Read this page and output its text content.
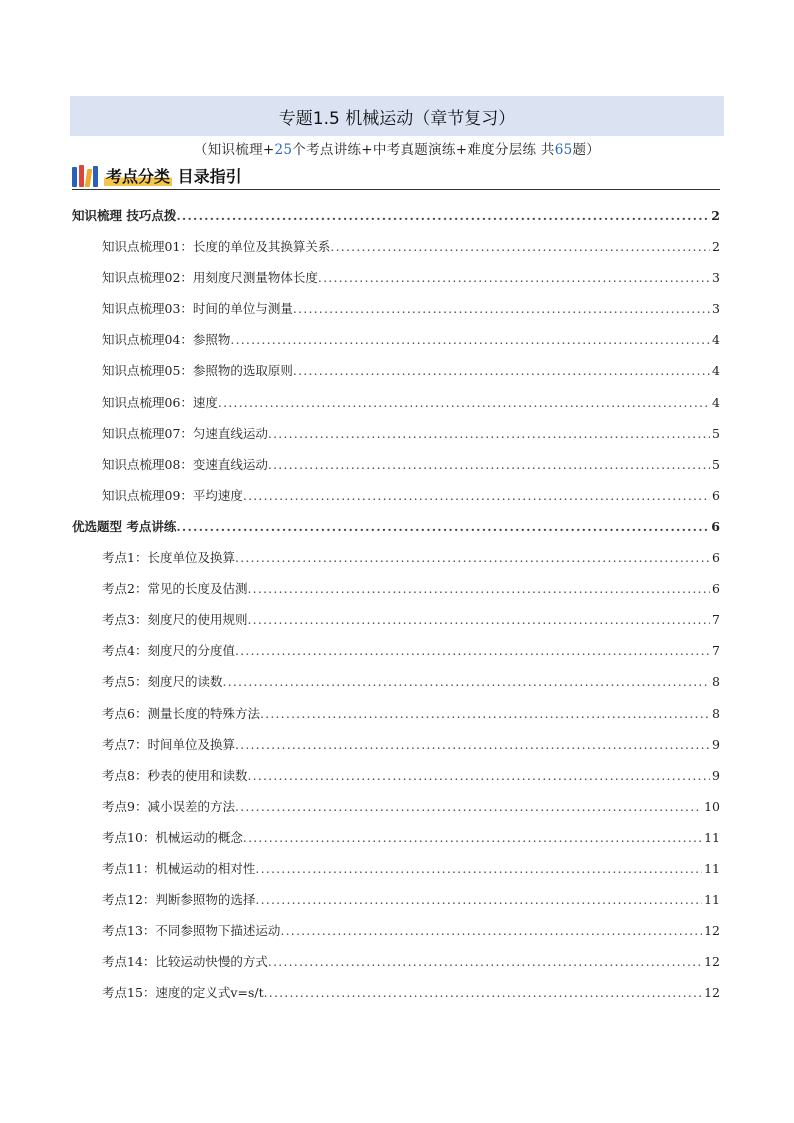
专题1.5 机械运动（章节复习）
（知识梳理+25个考点讲练+中考真题演练+难度分层练 共65题）
考点分类 目录指引
知识梳理 技巧点拨 .....	2
知识点梳理01：长度的单位及其换算关系 .....	2
知识点梳理02：用刻度尺测量物体长度 .....	3
知识点梳理03：时间的单位与测量 .....	3
知识点梳理04：参照物 .....	4
知识点梳理05：参照物的选取原则 .....	4
知识点梳理06：速度 .....	4
知识点梳理07：匀速直线运动 .....	5
知识点梳理08：变速直线运动 .....	5
知识点梳理09：平均速度 .....	6
优选题型 考点讲练 .....	6
考点1：长度单位及换算 .....	6
考点2：常见的长度及估测 .....	6
考点3：刻度尺的使用规则 .....	7
考点4：刻度尺的分度值 .....	7
考点5：刻度尺的读数 .....	8
考点6：测量长度的特殊方法 .....	8
考点7：时间单位及换算 .....	9
考点8：秒表的使用和读数 .....	9
考点9：减小误差的方法 .....	10
考点10：机械运动的概念 .....	11
考点11：机械运动的相对性 .....	11
考点12：判断参照物的选择 .....	11
考点13：不同参照物下描述运动 .....	12
考点14：比较运动快慢的方式 .....	12
考点15：速度的定义式v=s/t .....	12
